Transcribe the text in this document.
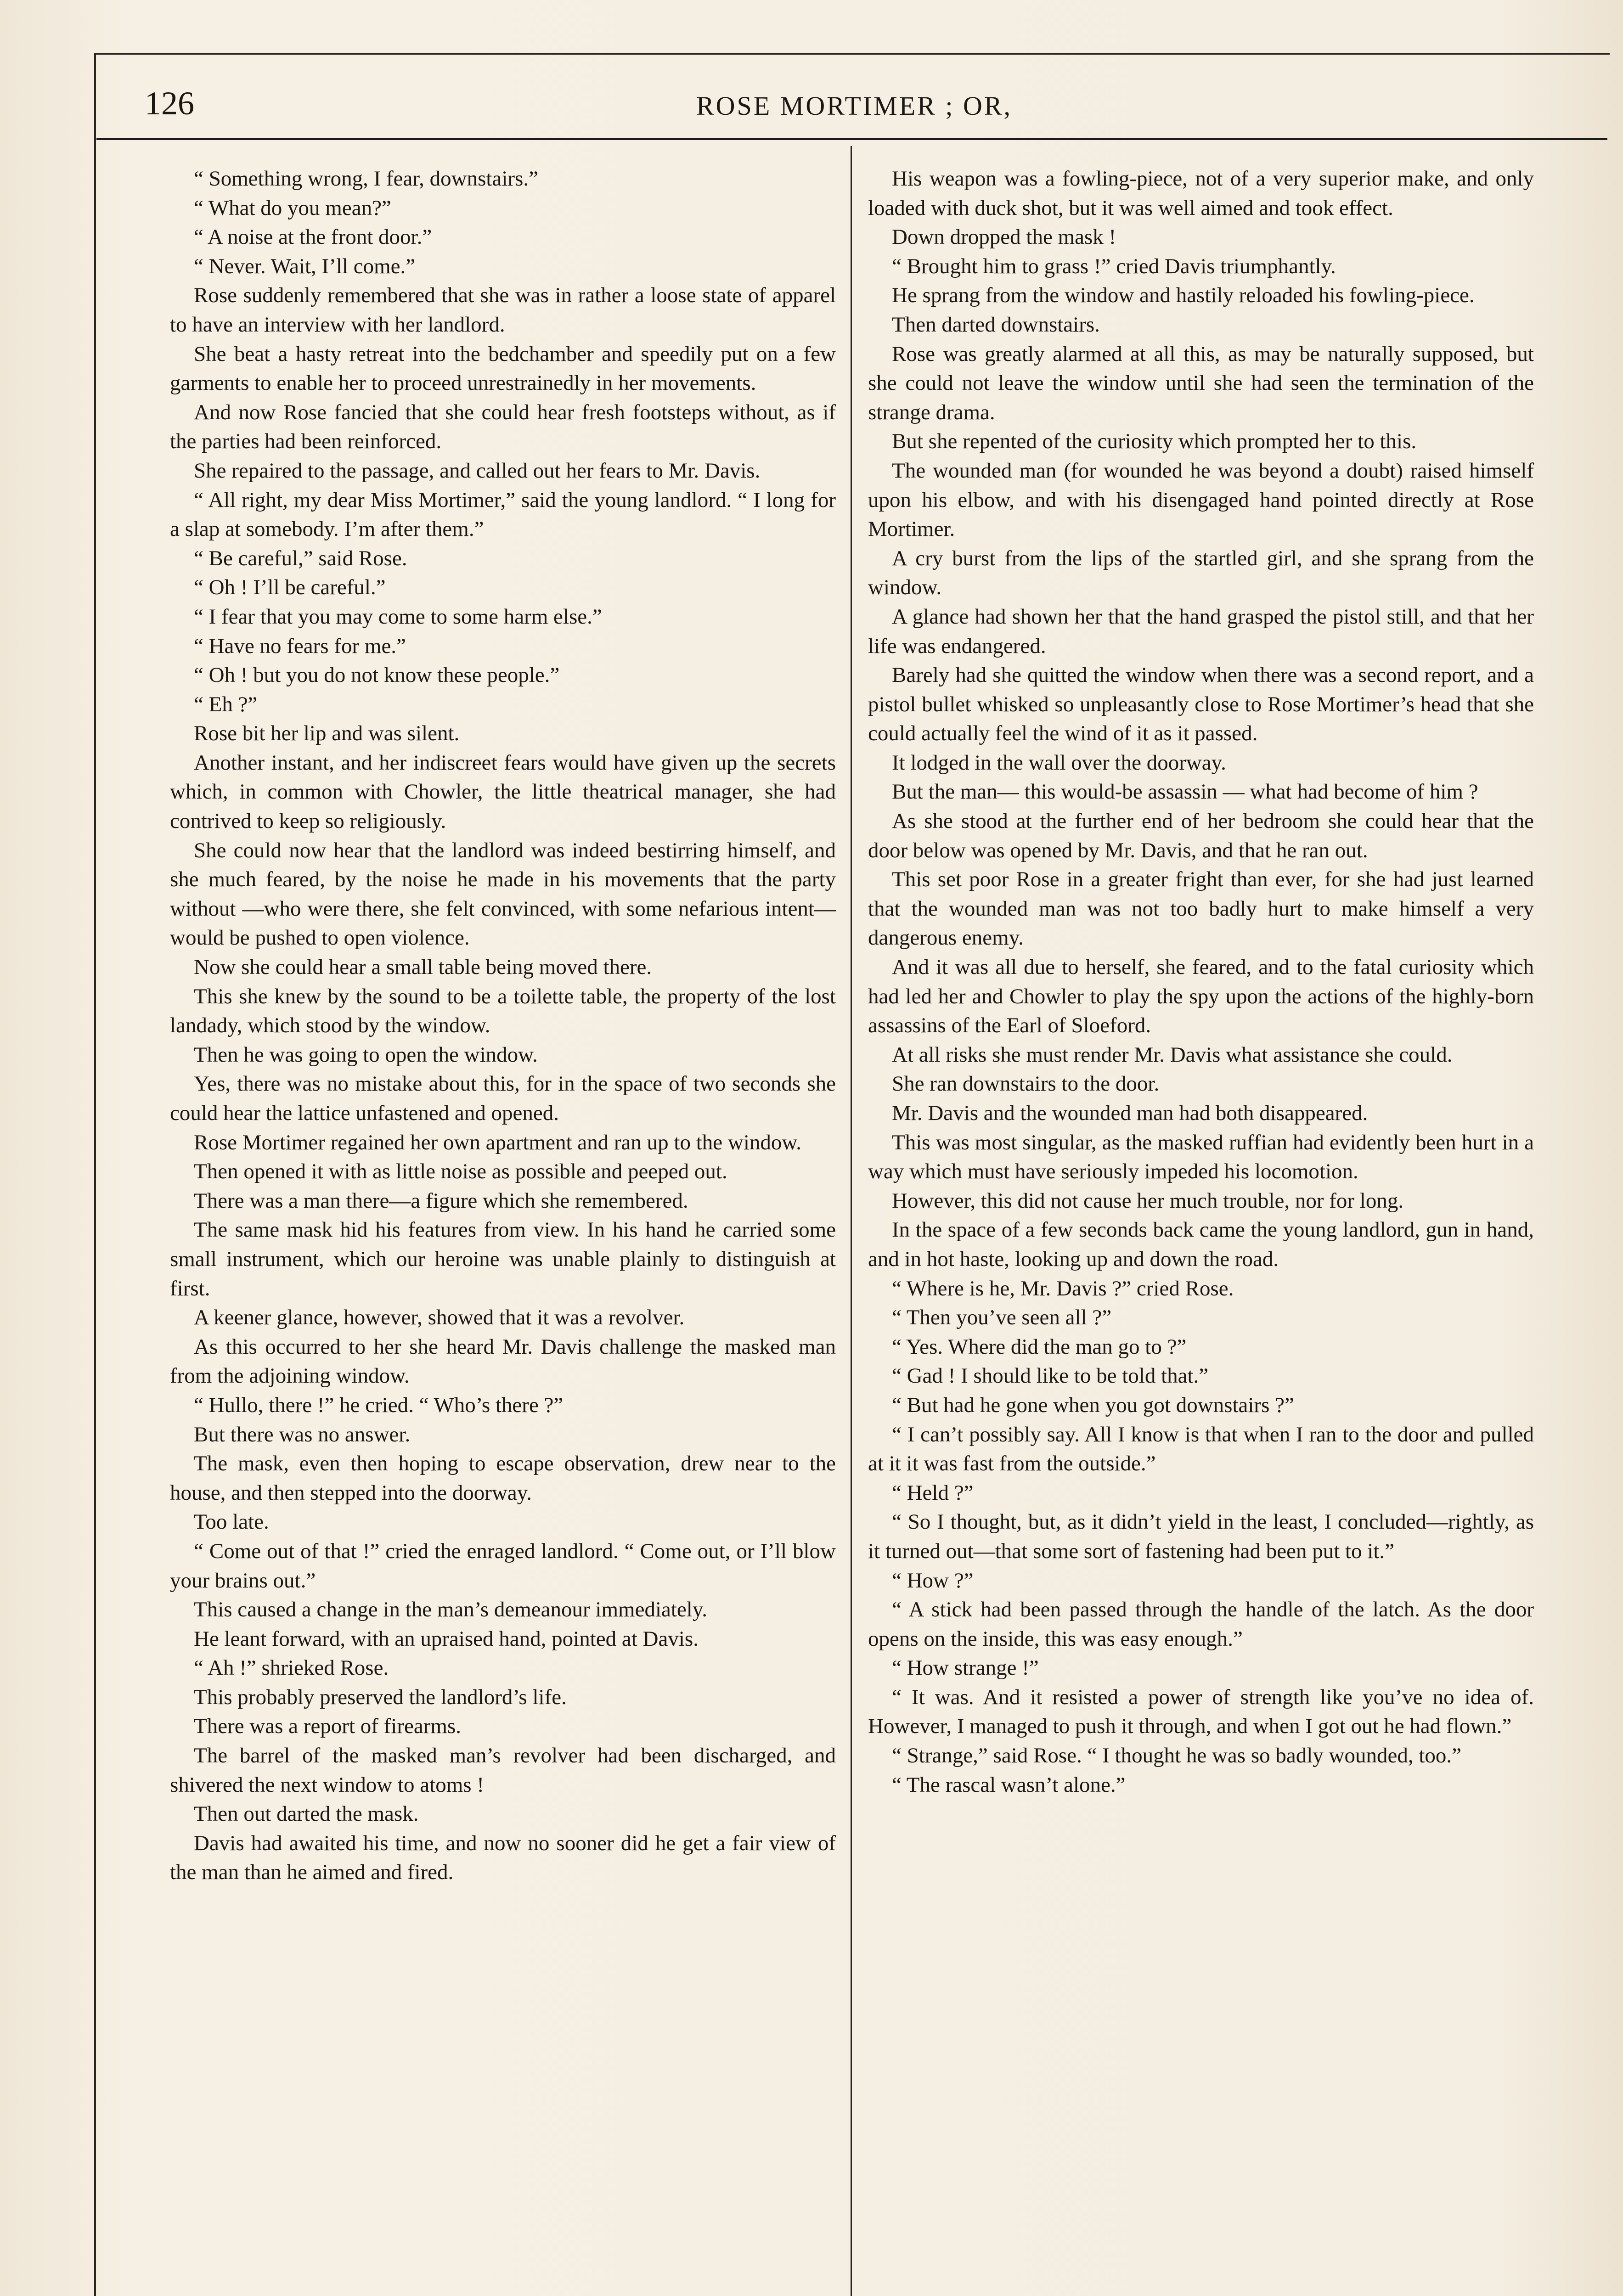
126	ROSE MORTIMER ; OR,

“ Something wrong, I fear, downstairs.”

“ What do you mean?”

“ A noise at the front door.”

“ Never. Wait, I’ll come.”

Rose suddenly remembered that she was in rather a loose state of apparel to have an interview with her landlord.

She beat a hasty retreat into the bedchamber and speedily put on a few garments to enable her to proceed unrestrainedly in her movements.

And now Rose fancied that she could hear fresh footsteps without, as if the parties had been reinforced.

She repaired to the passage, and called out her fears to Mr. Davis.

“ All right, my dear Miss Mortimer,” said the young landlord. “ I long for a slap at somebody. I’m after them.”

“ Be careful,” said Rose.

“ Oh ! I’ll be careful.”

“ I fear that you may come to some harm else.”

“ Have no fears for me.”

“ Oh ! but you do not know these people.”

“ Eh ?”

Rose bit her lip and was silent.

Another instant, and her indiscreet fears would have given up the secrets which, in common with Chowler, the little theatrical manager, she had contrived to keep so religiously.

She could now hear that the landlord was indeed bestirring himself, and she much feared, by the noise he made in his movements that the party without —who were there, she felt convinced, with some nefarious intent—would be pushed to open violence.

Now she could hear a small table being moved there.

This she knew by the sound to be a toilette table, the property of the lost landady, which stood by the window.

Then he was going to open the window.

Yes, there was no mistake about this, for in the space of two seconds she could hear the lattice unfastened and opened.

Rose Mortimer regained her own apartment and ran up to the window.

Then opened it with as little noise as possible and peeped out.

There was a man there—a figure which she remembered.

The same mask hid his features from view. In his hand he carried some small instrument, which our heroine was unable plainly to distinguish at first.

A keener glance, however, showed that it was a revolver.

As this occurred to her she heard Mr. Davis challenge the masked man from the adjoining window.

“ Hullo, there !” he cried. “ Who’s there ?”

But there was no answer.

The mask, even then hoping to escape observation, drew near to the house, and then stepped into the doorway.

Too late.

“ Come out of that !” cried the enraged landlord. “ Come out, or I’ll blow your brains out.”

This caused a change in the man’s demeanour immediately.

He leant forward, with an upraised hand, pointed at Davis.

“ Ah !” shrieked Rose.

This probably preserved the landlord’s life.

There was a report of firearms.

The barrel of the masked man’s revolver had been discharged, and shivered the next window to atoms !

Then out darted the mask.

Davis had awaited his time, and now no sooner did he get a fair view of the man than he aimed and fired.

His weapon was a fowling-piece, not of a very superior make, and only loaded with duck shot, but it was well aimed and took effect.

Down dropped the mask !

“ Brought him to grass !” cried Davis triumphantly.

He sprang from the window and hastily reloaded his fowling-piece.

Then darted downstairs.

Rose was greatly alarmed at all this, as may be naturally supposed, but she could not leave the window until she had seen the termination of the strange drama.

But she repented of the curiosity which prompted her to this.

The wounded man (for wounded he was beyond a doubt) raised himself upon his elbow, and with his disengaged hand pointed directly at Rose Mortimer.

A cry burst from the lips of the startled girl, and she sprang from the window.

A glance had shown her that the hand grasped the pistol still, and that her life was endangered.

Barely had she quitted the window when there was a second report, and a pistol bullet whisked so unpleasantly close to Rose Mortimer’s head that she could actually feel the wind of it as it passed.

It lodged in the wall over the doorway.

But the man— this would-be assassin — what had become of him ?

As she stood at the further end of her bedroom she could hear that the door below was opened by Mr. Davis, and that he ran out.

This set poor Rose in a greater fright than ever, for she had just learned that the wounded man was not too badly hurt to make himself a very dangerous enemy.

And it was all due to herself, she feared, and to the fatal curiosity which had led her and Chowler to play the spy upon the actions of the highly-born assassins of the Earl of Sloeford.

At all risks she must render Mr. Davis what assistance she could.

She ran downstairs to the door.

Mr. Davis and the wounded man had both disappeared.

This was most singular, as the masked ruffian had evidently been hurt in a way which must have seriously impeded his locomotion.

However, this did not cause her much trouble, nor for long.

In the space of a few seconds back came the young landlord, gun in hand, and in hot haste, looking up and down the road.

“ Where is he, Mr. Davis ?” cried Rose.

“ Then you’ve seen all ?”

“ Yes. Where did the man go to ?”

“ Gad ! I should like to be told that.”

“ But had he gone when you got downstairs ?”

“ I can’t possibly say. All I know is that when I ran to the door and pulled at it it was fast from the outside.”

“ Held ?”

“ So I thought, but, as it didn’t yield in the least, I concluded—rightly, as it turned out—that some sort of fastening had been put to it.”

“ How ?”

“ A stick had been passed through the handle of the latch. As the door opens on the inside, this was easy enough.”

“ How strange !”

“ It was. And it resisted a power of strength like you’ve no idea of. However, I managed to push it through, and when I got out he had flown.”

“ Strange,” said Rose. “ I thought he was so badly wounded, too.”

“ The rascal wasn’t alone.”
